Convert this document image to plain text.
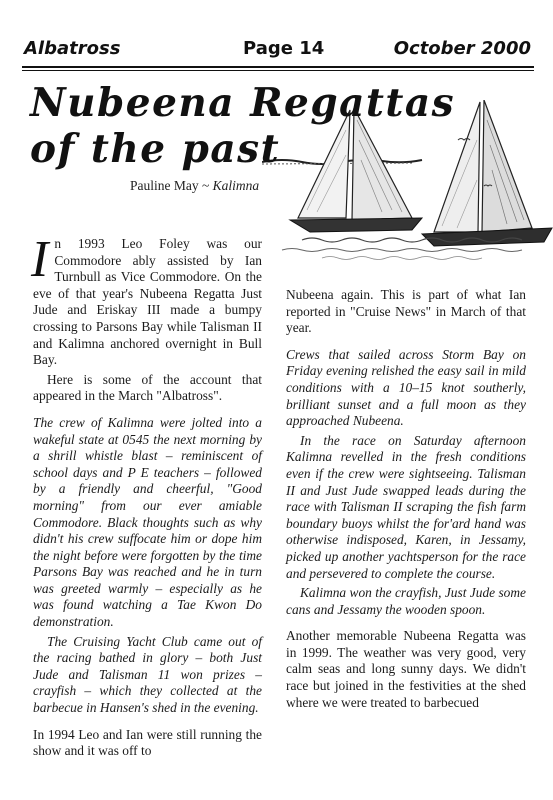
Albatross	Page 14	October 2000
Nubeena Regattas
of the past
Pauline May ~ Kalimna

In 1993 Leo Foley was our Commodore ably assisted by Ian Turnbull as Vice Commodore. On the eve of that year's Nubeena Regatta Just Jude and Eriskay III made a bumpy crossing to Parsons Bay while Talisman II and Kalimna anchored overnight in Bull Bay.

Here is some of the account that appeared in the March "Albatross".

The crew of Kalimna were jolted into a wakeful state at 0545 the next morning by a shrill whistle blast – reminiscent of school days and P E teachers – followed by a friendly and cheerful, "Good morning" from our ever amiable Commodore. Black thoughts such as why didn't his crew suffocate him or dope him the night before were forgotten by the time Parsons Bay was reached and he in turn was greeted warmly – especially as he was found watching a Tae Kwon Do demonstration.

The Cruising Yacht Club came out of the racing bathed in glory – both Just Jude and Talisman 11 won prizes – crayfish – which they collected at the barbecue in Hansen's shed in the evening.

In 1994 Leo and Ian were still running the show and it was off to

Nubeena again. This is part of what Ian reported in "Cruise News" in March of that year.

Crews that sailed across Storm Bay on Friday evening relished the easy sail in mild conditions with a 10–15 knot southerly, brilliant sunset and a full moon as they approached Nubeena.

In the race on Saturday afternoon Kalimna revelled in the fresh conditions even if the crew were sightseeing. Talisman II and Just Jude swapped leads during the race with Talisman II scraping the fish farm boundary buoys whilst the for'ard hand was otherwise indisposed, Karen, in Jessamy, picked up another yachtsperson for the race and persevered to complete the course.

Kalimna won the crayfish, Just Jude some cans and Jessamy the wooden spoon.

Another memorable Nubeena Regatta was in 1999. The weather was very good, very calm seas and long sunny days. We didn't race but joined in the festivities at the shed where we were treated to barbecued
